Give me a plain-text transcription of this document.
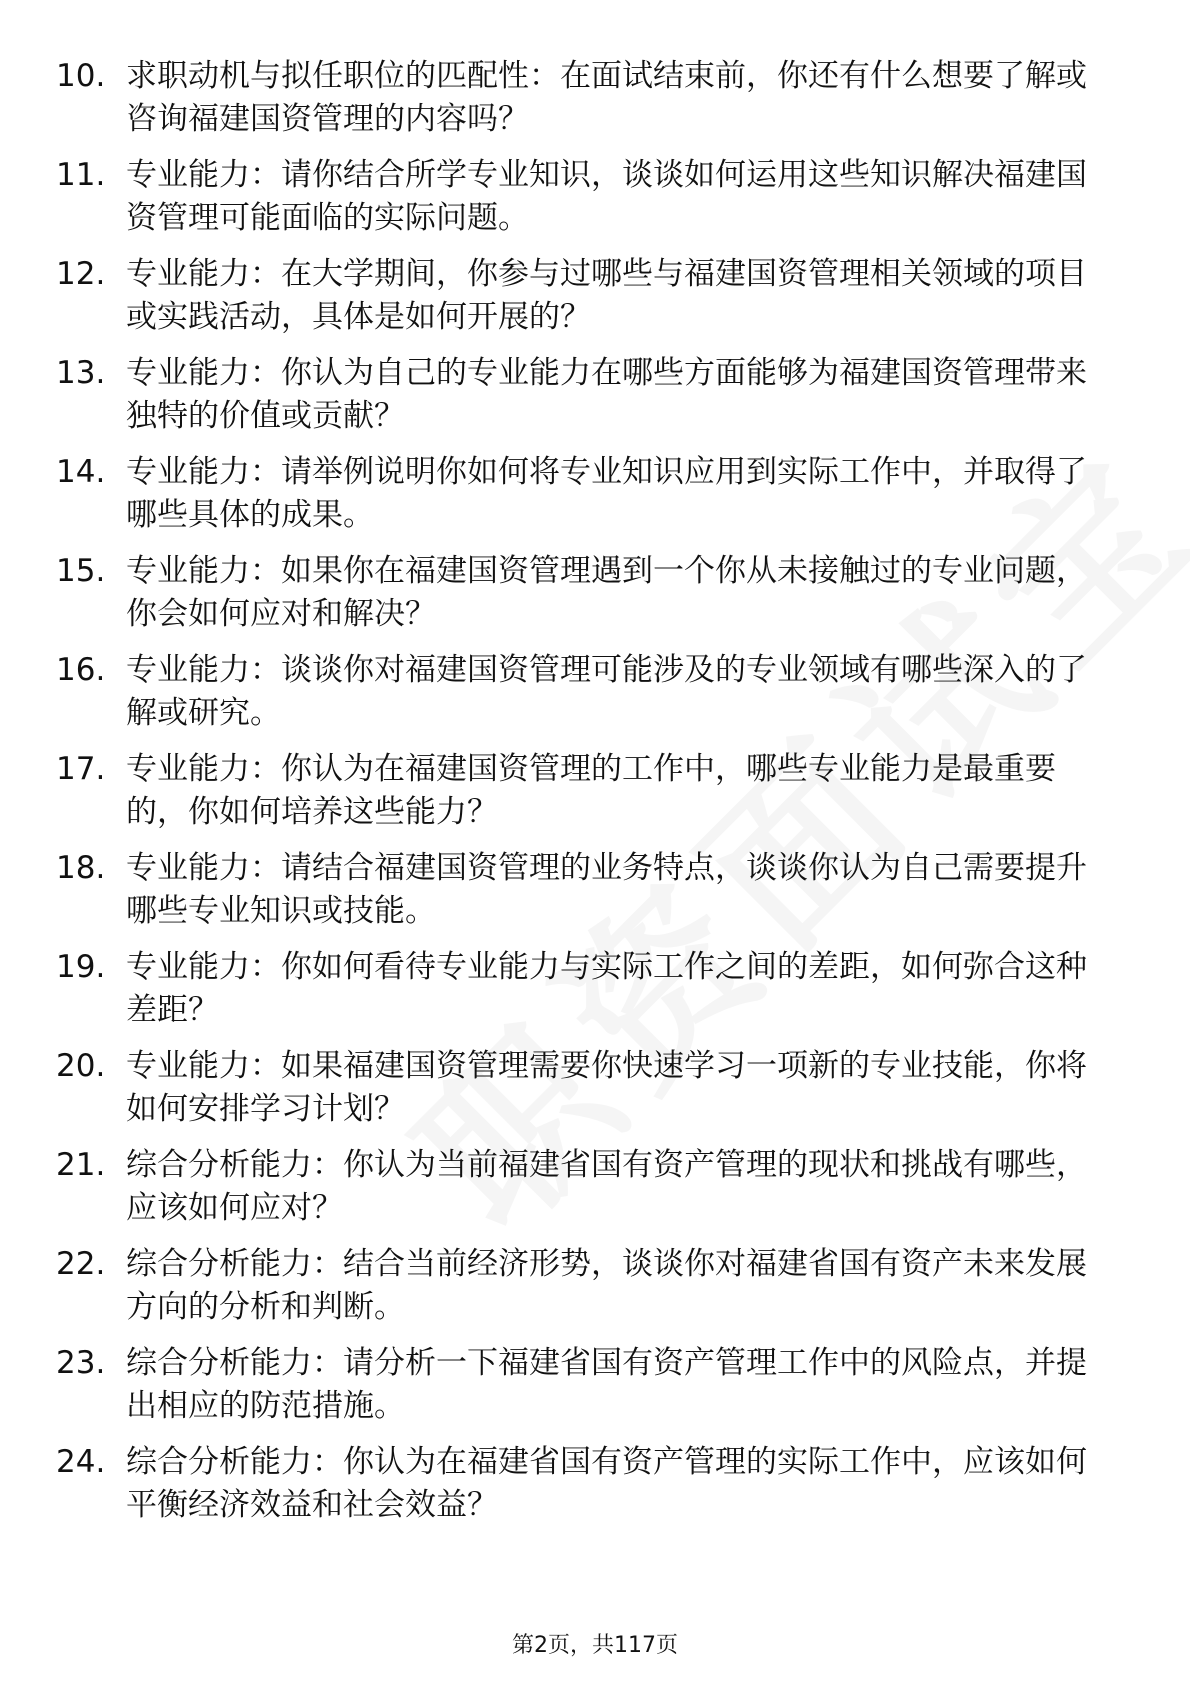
10. 求职动机与拟任职位的匹配性：在面试结束前，你还有什么想要了解或咨询福建国资管理的内容吗？
11. 专业能力：请你结合所学专业知识，谈谈如何运用这些知识解决福建国资管理可能面临的实际问题。
12. 专业能力：在大学期间，你参与过哪些与福建国资管理相关领域的项目或实践活动，具体是如何开展的？
13. 专业能力：你认为自己的专业能力在哪些方面能够为福建国资管理带来独特的价值或贡献？
14. 专业能力：请举例说明你如何将专业知识应用到实际工作中，并取得了哪些具体的成果。
15. 专业能力：如果你在福建国资管理遇到一个你从未接触过的专业问题，你会如何应对和解决？
16. 专业能力：谈谈你对福建国资管理可能涉及的专业领域有哪些深入的了解或研究。
17. 专业能力：你认为在福建国资管理的工作中，哪些专业能力是最重要的，你如何培养这些能力？
18. 专业能力：请结合福建国资管理的业务特点，谈谈你认为自己需要提升哪些专业知识或技能。
19. 专业能力：你如何看待专业能力与实际工作之间的差距，如何弥合这种差距？
20. 专业能力：如果福建国资管理需要你快速学习一项新的专业技能，你将如何安排学习计划？
21. 综合分析能力：你认为当前福建省国有资产管理的现状和挑战有哪些，应该如何应对？
22. 综合分析能力：结合当前经济形势，谈谈你对福建省国有资产未来发展方向的分析和判断。
23. 综合分析能力：请分析一下福建省国有资产管理工作中的风险点，并提出相应的防范措施。
24. 综合分析能力：你认为在福建省国有资产管理的实际工作中，应该如何平衡经济效益和社会效益？
第2页，共117页
